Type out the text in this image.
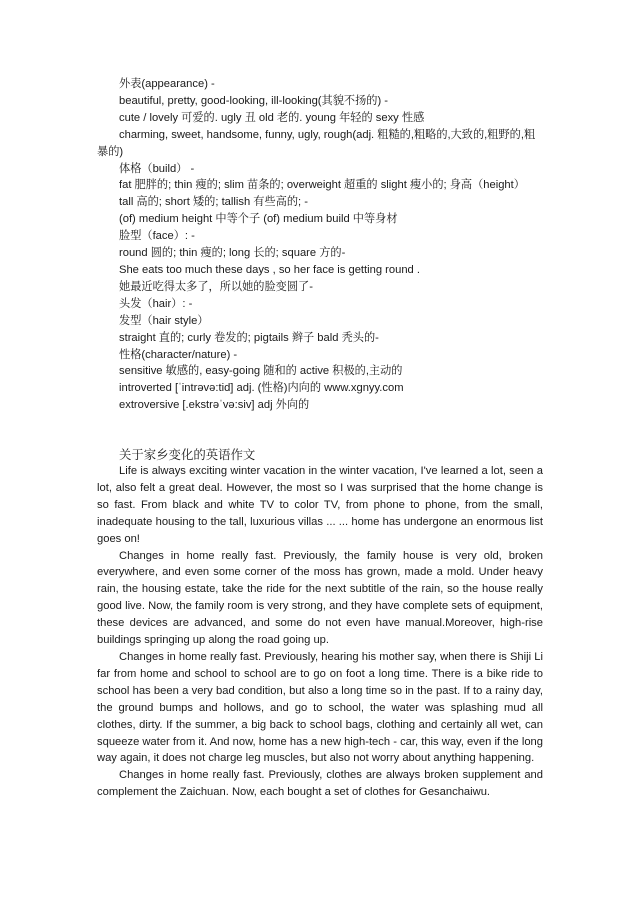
外表(appearance) -
beautiful, pretty, good-looking, ill-looking(其貌不扬的) -
cute / lovely 可爱的. ugly 丑 old 老的. young 年轻的 sexy 性感
charming, sweet, handsome, funny, ugly, rough(adj. 粗糙的,粗略的,大致的,粗野的,粗
暴的)
体格（build） -
fat 肥胖的; thin 瘦的; slim 苗条的; overweight 超重的 slight 瘦小的; 身高（height）
tall 高的; short 矮的; tallish 有些高的; -
(of) medium height 中等个子 (of) medium build 中等身材
脸型（face）: -
round 圆的; thin 瘦的; long 长的; square 方的-
She eats too much these days , so her face is getting round .
她最近吃得太多了，所以她的脸变圆了-
头发（hair）: -
发型（hair style）
straight 直的; curly 卷发的; pigtails 辫子 bald 秃头的-
性格(character/nature) -
sensitive 敏感的, easy-going 随和的 active 积极的,主动的
introverted [ˈintrəvə:tid] adj. (性格)内向的 www.xgnyy.com
extroversive [.ekstrəˈvə:siv] adj 外向的
关于家乡变化的英语作文

Life is always exciting winter vacation in the winter vacation, I've learned a lot, seen a lot, also felt a great deal. However, the most so I was surprised that the home change is so fast. From black and white TV to color TV, from phone to phone, from the small, inadequate housing to the tall, luxurious villas ... ... home has undergone an enormous list goes on!

Changes in home really fast. Previously, the family house is very old, broken everywhere, and even some corner of the moss has grown, made a mold. Under heavy rain, the housing estate, take the ride for the next subtitle of the rain, so the house really good live. Now, the family room is very strong, and they have complete sets of equipment, these devices are advanced, and some do not even have manual.Moreover, high-rise buildings springing up along the road going up.

Changes in home really fast. Previously, hearing his mother say, when there is Shiji Li far from home and school to school are to go on foot a long time. There is a bike ride to school has been a very bad condition, but also a long time so in the past. If to a rainy day, the ground bumps and hollows, and go to school, the water was splashing mud all clothes, dirty. If the summer, a big back to school bags, clothing and certainly all wet, can squeeze water from it. And now, home has a new high-tech - car, this way, even if the long way again, it does not charge leg muscles, but also not worry about anything happening.

Changes in home really fast. Previously, clothes are always broken supplement and complement the Zaichuan. Now, each bought a set of clothes for Gesanchaiwu.
